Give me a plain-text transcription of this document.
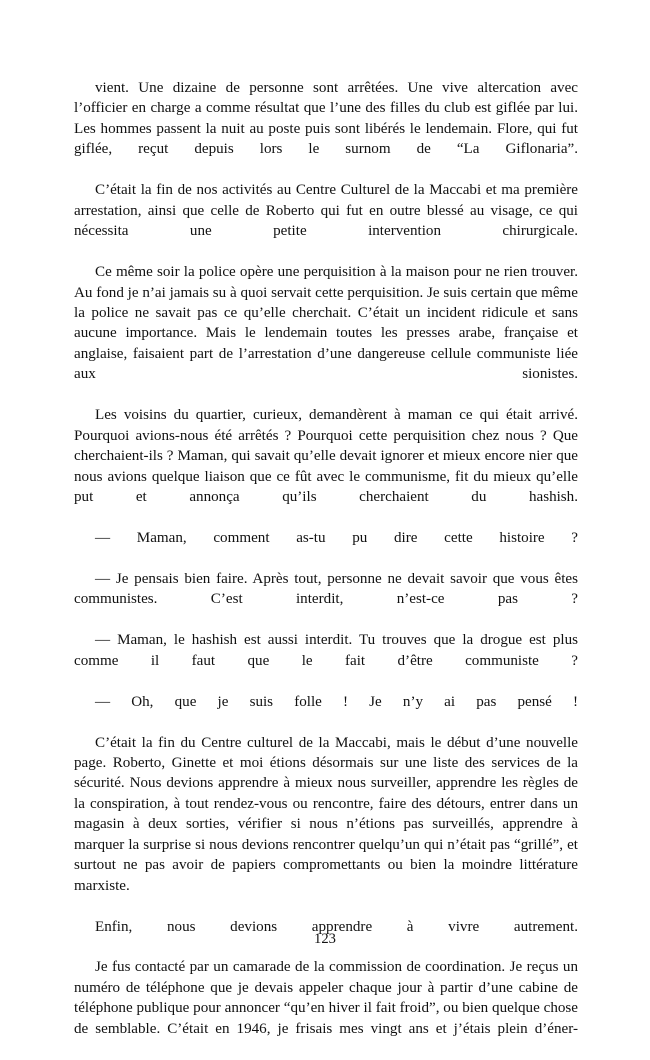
vient. Une dizaine de personne sont arrêtées. Une vive altercation avec l’officier en charge a comme résultat que l’une des filles du club est giflée par lui. Les hommes passent la nuit au poste puis sont libérés le lendemain. Flore, qui fut giflée, reçut depuis lors le surnom de “La Giflonaria”.

C’était la fin de nos activités au Centre Culturel de la Maccabi et ma première arrestation, ainsi que celle de Roberto qui fut en outre blessé au visage, ce qui nécessita une petite intervention chirurgicale.

Ce même soir la police opère une perquisition à la maison pour ne rien trouver. Au fond je n’ai jamais su à quoi servait cette perquisition. Je suis certain que même la police ne savait pas ce qu’elle cherchait. C’était un incident ridicule et sans aucune importance. Mais le lendemain toutes les presses arabe, française et anglaise, faisaient part de l’arrestation d’une dangereuse cellule communiste liée aux sionistes.

Les voisins du quartier, curieux, demandèrent à maman ce qui était arrivé. Pourquoi avions-nous été arrêtés ? Pourquoi cette perquisition chez nous ? Que cherchaient-ils ? Maman, qui savait qu’elle devait ignorer et mieux encore nier que nous avions quelque liaison que ce fût avec le communisme, fit du mieux qu’elle put et annonça qu’ils cherchaient du hashish.

— Maman, comment as-tu pu dire cette histoire ?

— Je pensais bien faire. Après tout, personne ne devait savoir que vous êtes communistes. C’est interdit, n’est-ce pas ?

— Maman, le hashish est aussi interdit. Tu trouves que la drogue est plus comme il faut que le fait d’être communiste ?

— Oh, que je suis folle ! Je n’y ai pas pensé !

C’était la fin du Centre culturel de la Maccabi, mais le début d’une nouvelle page. Roberto, Ginette et moi étions désormais sur une liste des services de la sécurité. Nous devions apprendre à mieux nous surveiller, apprendre les règles de la conspiration, à tout rendez-vous ou rencontre, faire des détours, entrer dans un magasin à deux sorties, vérifier si nous n’étions pas surveillés, apprendre à marquer la surprise si nous devions rencontrer quelqu’un qui n’était pas “grillé”, et surtout ne pas avoir de papiers compromettants ou bien la moindre littérature marxiste.

Enfin, nous devions apprendre à vivre autrement.

Je fus contacté par un camarade de la commission de coordination. Je reçus un numéro de téléphone que je devais appeler chaque jour à partir d’une cabine de téléphone publique pour annoncer “qu’en hiver il fait froid”, ou bien quelque chose de semblable. C’était en 1946, je frisais mes vingt ans et j’étais plein d’éner-

123
